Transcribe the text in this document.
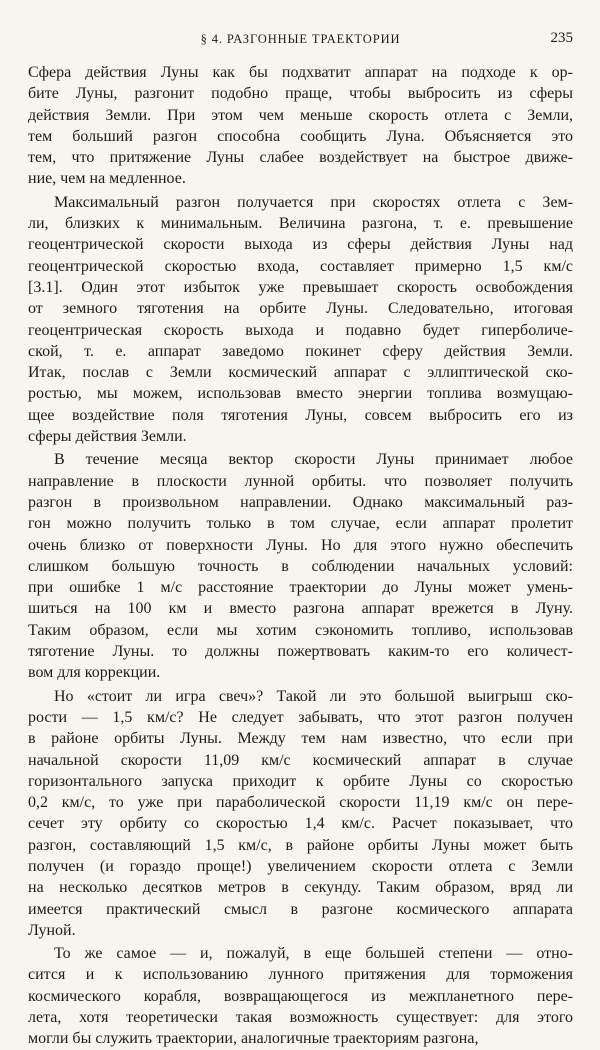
§ 4. РАЗГОННЫЕ ТРАЕКТОРИИ	235
Сфера действия Луны как бы подхватит аппарат на подходе к ор-
бите Луны, разгонит подобно праще, чтобы выбросить из сферы
действия Земли. При этом чем меньше скорость отлета с Земли,
тем больший разгон способна сообщить Луна. Объясняется это
тем, что притяжение Луны слабее воздействует на быстрое движе-
ние, чем на медленное.
Максимальный разгон получается при скоростях отлета с Зем-
ли, близких к минимальным. Величина разгона, т. е. превышение
геоцентрической скорости выхода из сферы действия Луны над
геоцентрической скоростью входа, составляет примерно 1,5 км/с
[3.1]. Один этот избыток уже превышает скорость освобождения
от земного тяготения на орбите Луны. Следовательно, итоговая
геоцентрическая скорость выхода и подавно будет гиперболиче-
ской, т. е. аппарат заведомо покинет сферу действия Земли.
Итак, послав с Земли космический аппарат с эллиптической ско-
ростью, мы можем, использовав вместо энергии топлива возмущаю-
щее воздействие поля тяготения Луны, совсем выбросить его из
сферы действия Земли.
В течение месяца вектор скорости Луны принимает любое
направление в плоскости лунной орбиты. что позволяет получить
разгон в произвольном направлении. Однако максимальный раз-
гон можно получить только в том случае, если аппарат пролетит
очень близко от поверхности Луны. Но для этого нужно обеспечить
слишком большую точность в соблюдении начальных условий:
при ошибке 1 м/с расстояние траектории до Луны может умень-
шиться на 100 км и вместо разгона аппарат врежется в Луну.
Таким образом, если мы хотим сэкономить топливо, использовав
тяготение Луны. то должны пожертвовать каким-то его количест-
вом для коррекции.
Но «стоит ли игра свеч»? Такой ли это большой выигрыш ско-
рости — 1,5 км/с? Не следует забывать, что этот разгон получен
в районе орбиты Луны. Между тем нам известно, что если при
начальной скорости 11,09 км/с космический аппарат в случае
горизонтального запуска приходит к орбите Луны со скоростью
0,2 км/с, то уже при параболической скорости 11,19 км/с он пере-
сечет эту орбиту со скоростью 1,4 км/с. Расчет показывает, что
разгон, составляющий 1,5 км/с, в районе орбиты Луны может быть
получен (и гораздо проще!) увеличением скорости отлета с Земли
на несколько десятков метров в секунду. Таким образом, вряд ли
имеется практический смысл в разгоне космического аппарата
Луной.
То же самое — и, пожалуй, в еще большей степени — отно-
сится и к использованию лунного притяжения для торможения
космического корабля, возвращающегося из межпланетного пере-
лета, хотя теоретически такая возможность существует: для этого
могли бы служить траектории, аналогичные траекториям разгона,
